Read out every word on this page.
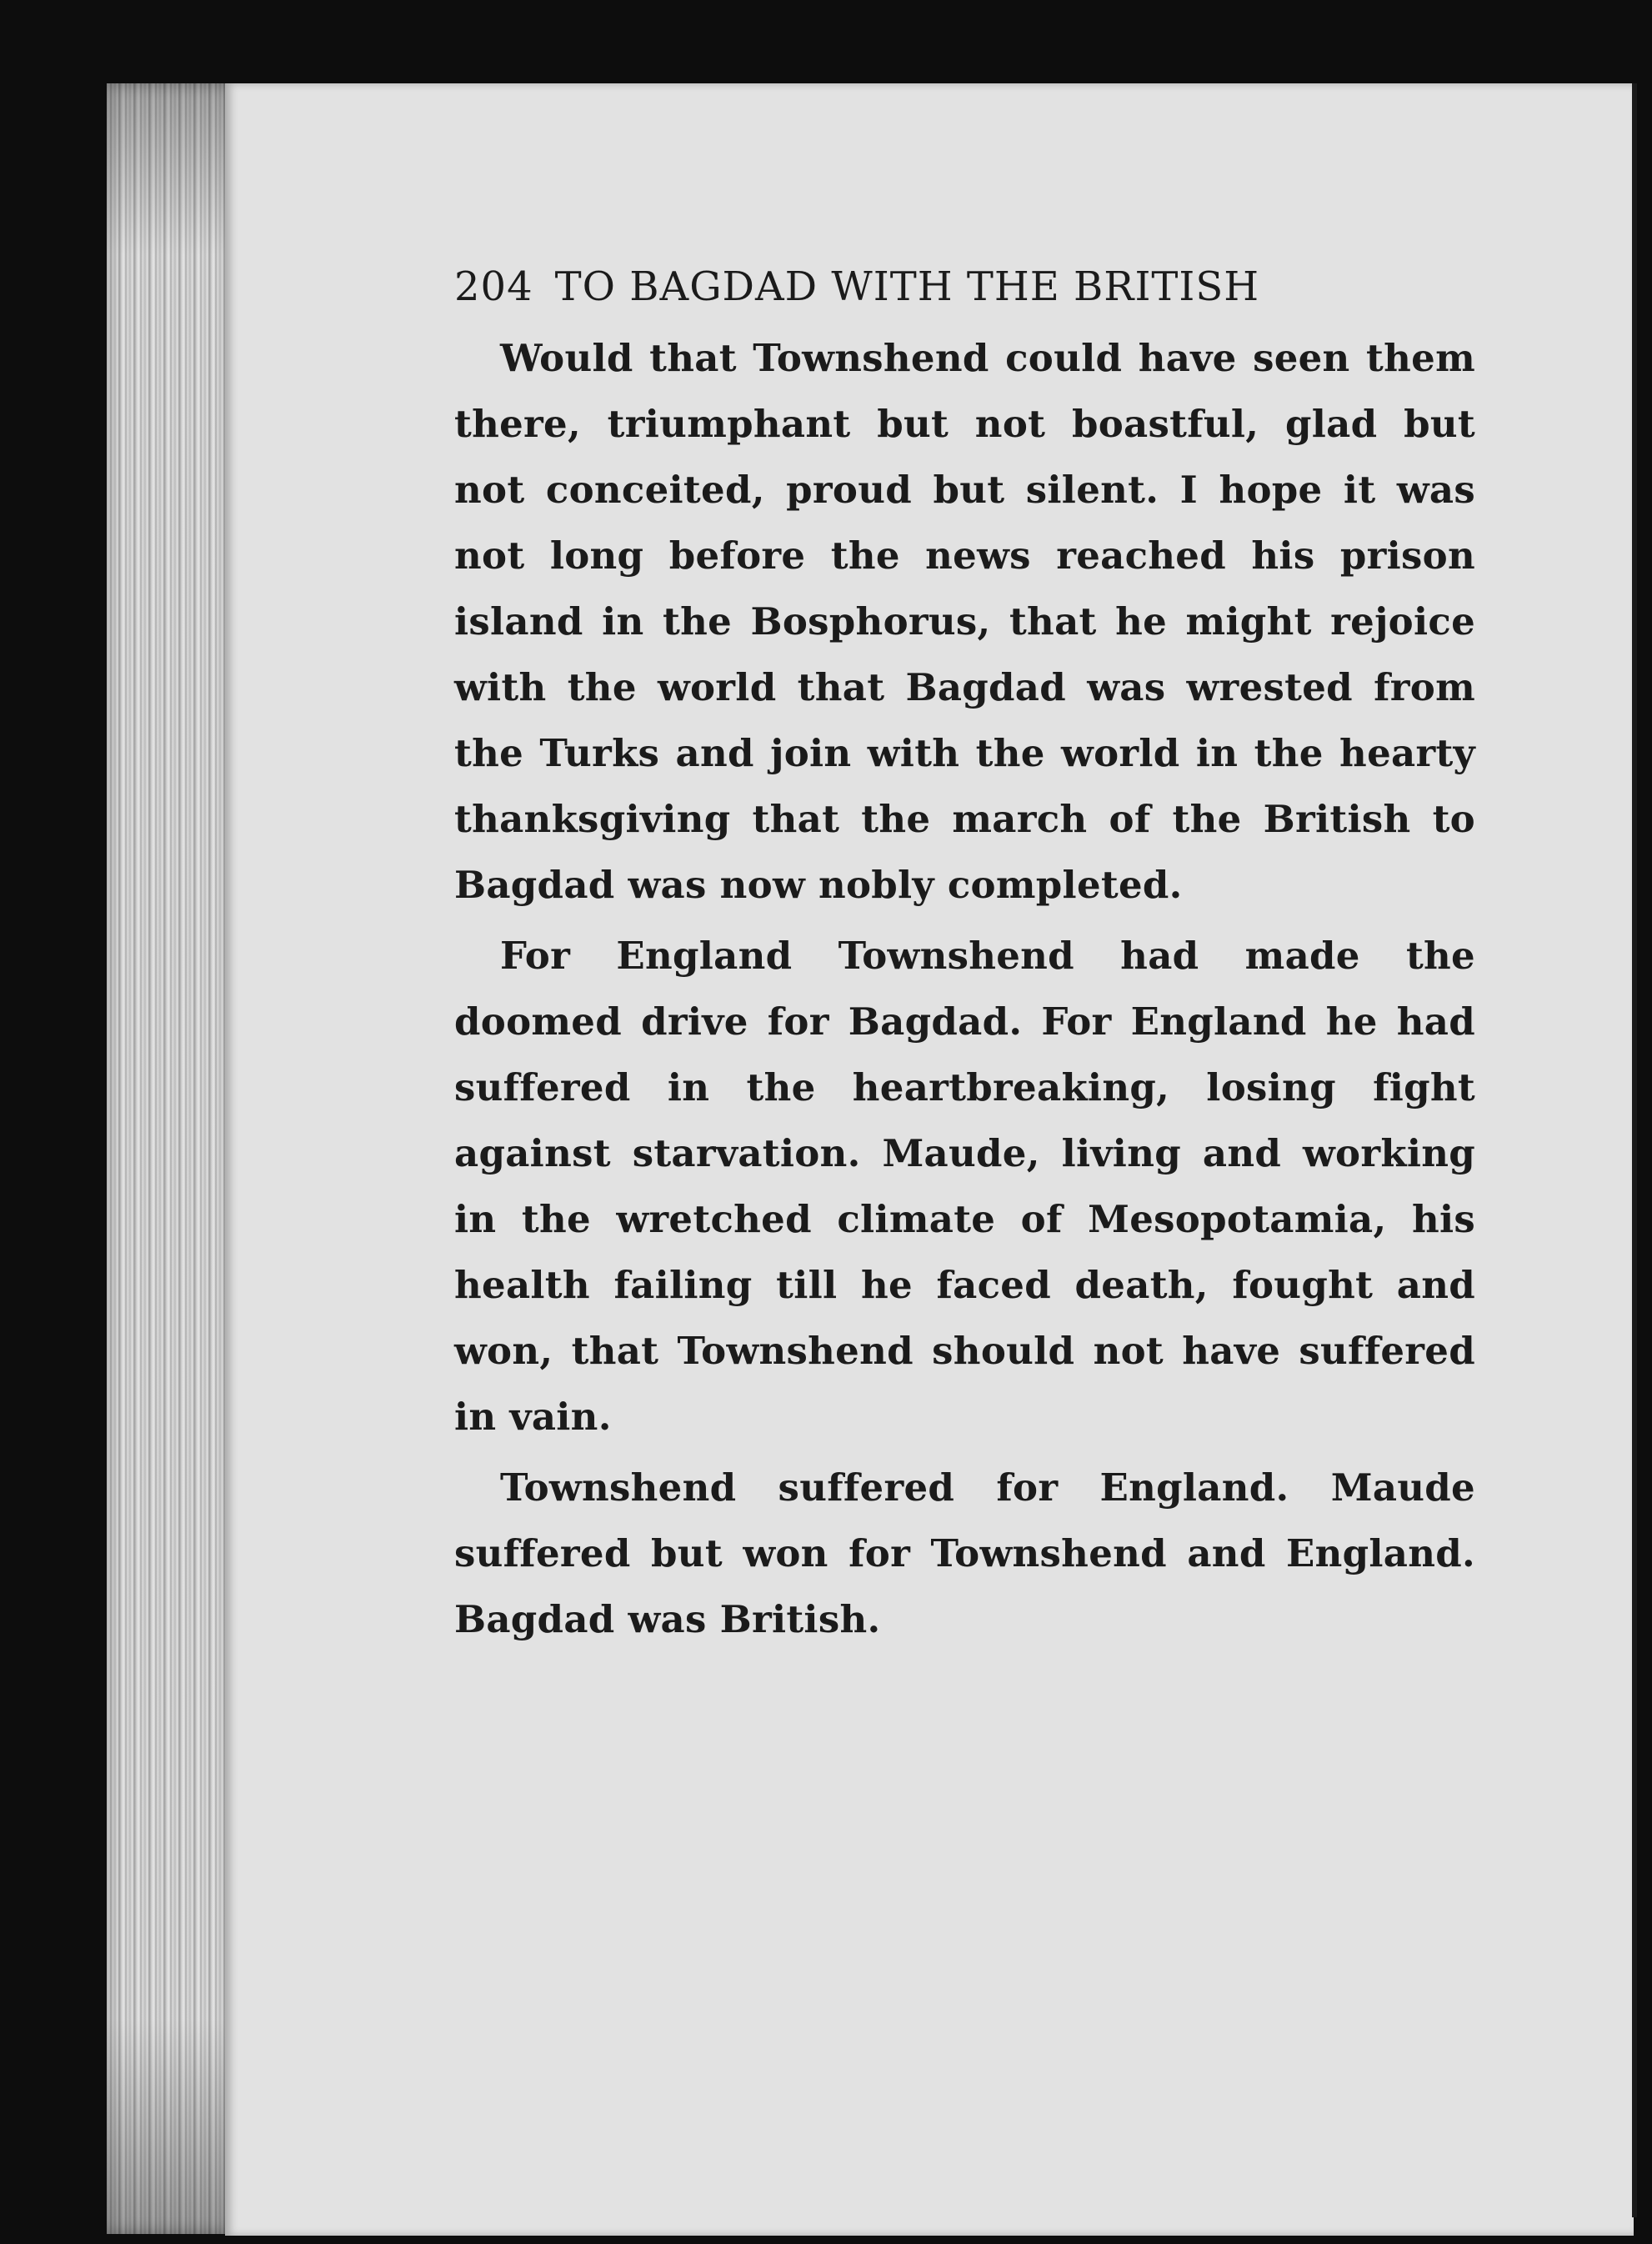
204 TO BAGDAD WITH THE BRITISH

Would that Townshend could have seen them there, triumphant but not boastful, glad but not conceited, proud but silent. I hope it was not long before the news reached his prison island in the Bosphorus, that he might rejoice with the world that Bagdad was wrested from the Turks and join with the world in the hearty thanksgiving that the march of the British to Bagdad was now nobly completed.

For England Townshend had made the doomed drive for Bagdad. For England he had suffered in the heartbreaking, losing fight against starvation. Maude, living and working in the wretched climate of Mesopotamia, his health failing till he faced death, fought and won, that Townshend should not have suffered in vain.

Townshend suffered for England. Maude suffered but won for Townshend and England. Bagdad was British.
